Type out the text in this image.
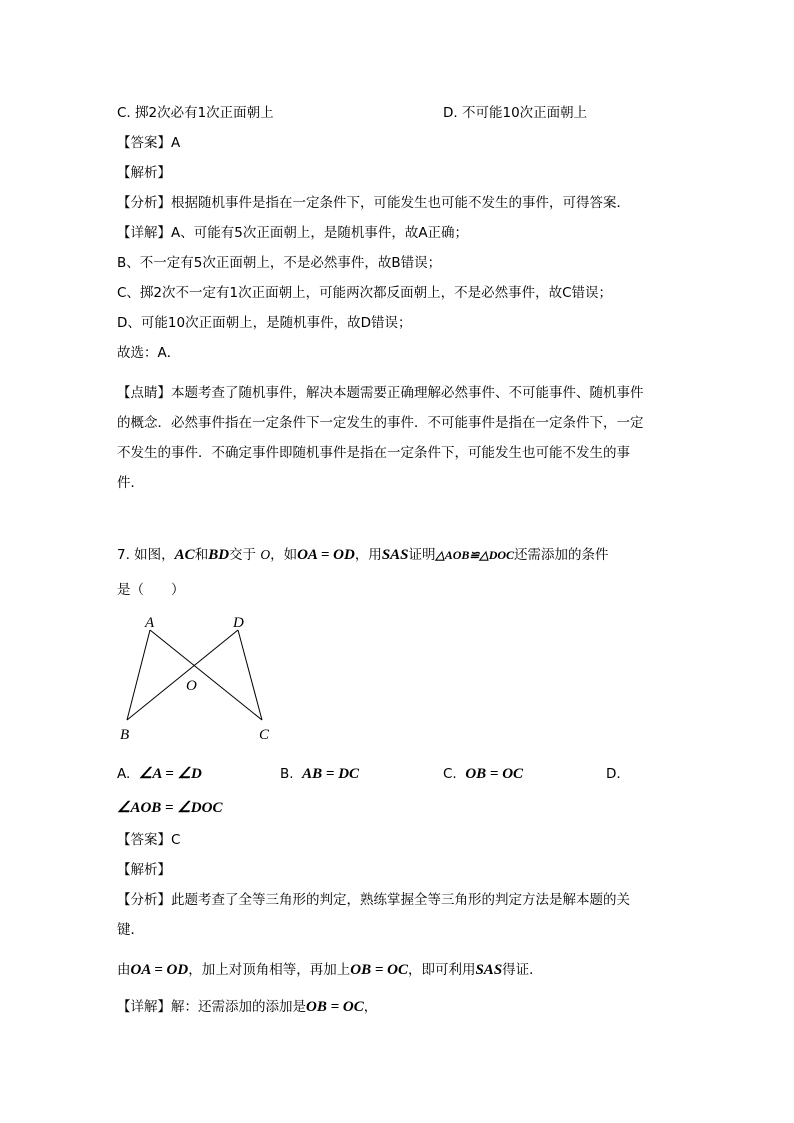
C. 掷2次必有1次正面朝上	D. 不可能10次正面朝上
【答案】A
【解析】
【分析】根据随机事件是指在一定条件下，可能发生也可能不发生的事件，可得答案．
【详解】A、可能有5次正面朝上，是随机事件，故A正确；
B、不一定有5次正面朝上，不是必然事件，故B错误；
C、掷2次不一定有1次正面朝上，可能两次都反面朝上，不是必然事件，故C错误；
D、可能10次正面朝上，是随机事件，故D错误；
故选：A．
【点睛】本题考查了随机事件，解决本题需要正确理解必然事件、不可能事件、随机事件
的概念．必然事件指在一定条件下一定发生的事件．不可能事件是指在一定条件下，一定
不发生的事件．不确定事件即随机事件是指在一定条件下，可能发生也可能不发生的事
件．
7. 如图，AC和BD交于 O，如OA = OD，用SAS证明△AOB≌△DOC还需添加的条件
是（　　）
A	D
O
B	C
A. ∠A = ∠D	B. AB = DC	C. OB = OC	D.
∠AOB = ∠DOC
【答案】C
【解析】
【分析】此题考查了全等三角形的判定，熟练掌握全等三角形的判定方法是解本题的关
键．
由OA = OD，加上对顶角相等，再加上OB = OC，即可利用SAS得证．
【详解】解：还需添加的添加是OB = OC，
